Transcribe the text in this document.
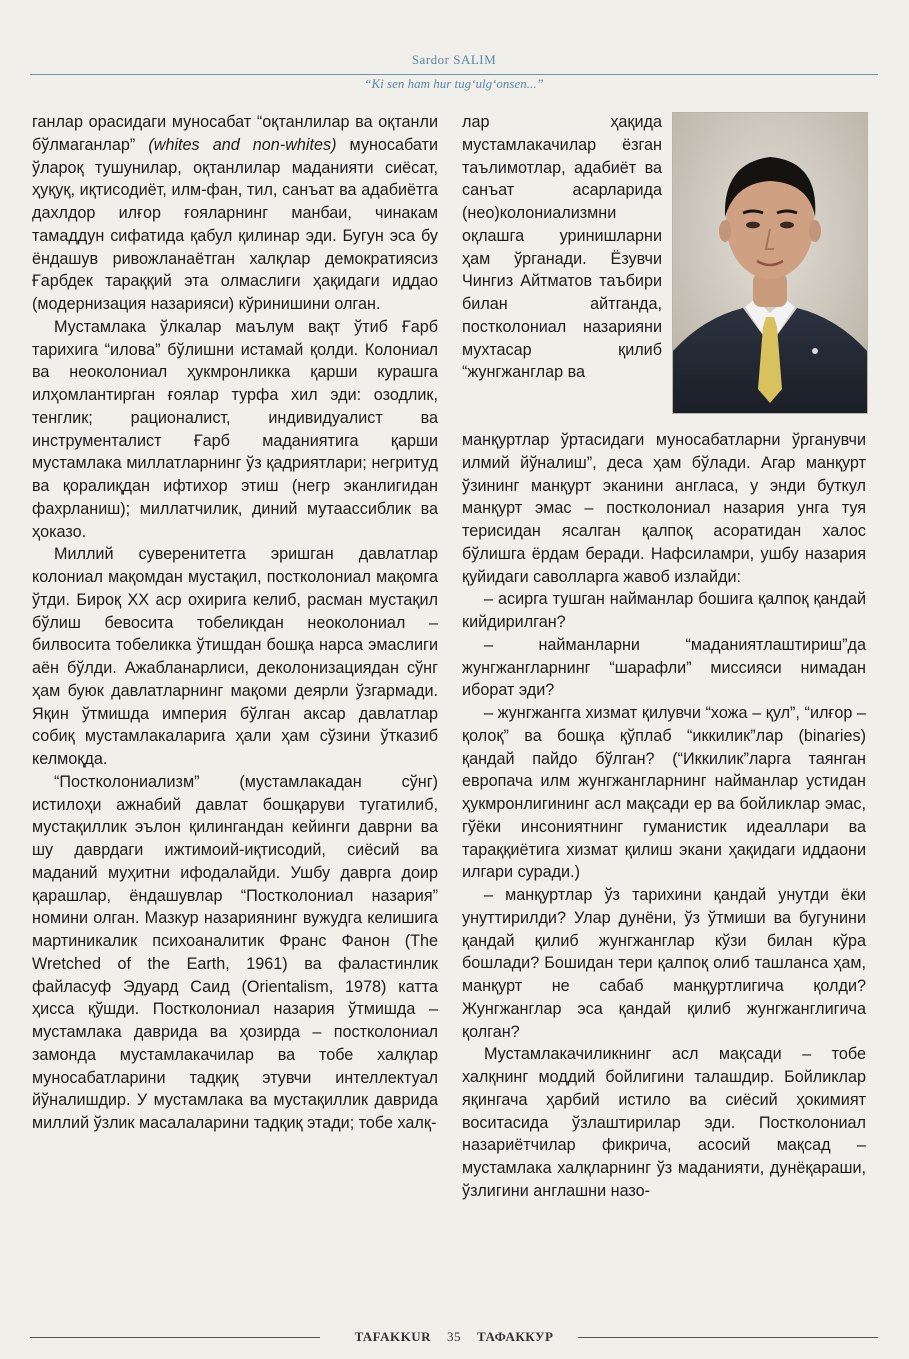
Sardor SALIM
“Ki sen ham hur tug‘ulg‘onsen...”

ганлар орасидаги муносабат “оқтанлилар ва оқтанли бўлмаганлар” (whites and non-whites) муносабати ўлароқ тушунилар, оқтанлилар маданияти сиёсат, ҳуқуқ, иқтисодиёт, илм-фан, тил, санъат ва адабиётга дахлдор илғор ғояларнинг манбаи, чинакам тамаддун сифатида қабул қилинар эди. Бугун эса бу ёндашув ривожланаётган халқлар демократиясиз Ғарбдек тараққий эта олмаслиги ҳақидаги иддао (модернизация назарияси) кўринишини олган.

Мустамлака ўлкалар маълум вақт ўтиб Ғарб тарихига “илова” бўлишни истамай қолди. Колониал ва неоколониал ҳукмронликка қарши курашга илҳомлантирган ғоялар турфа хил эди: озодлик, тенглик; рационалист, индивидуалист ва инструменталист Ғарб маданиятига қарши мустамлака миллатларнинг ўз қадриятлари; негритуд ва қоралиқдан ифтихор этиш (негр эканлигидан фахрланиш); миллатчилик, диний мутаассиблик ва ҳоказо.

Миллий суверенитетга эришган давлатлар колониал мақомдан мустақил, постколониал мақомга ўтди. Бироқ XX аср охирига келиб, расман мустақил бўлиш бевосита тобеликдан неоколониал – билвосита тобеликка ўтишдан бошқа нарса эмаслиги аён бўлди. Ажабланарлиси, деколонизациядан сўнг ҳам буюк давлатларнинг мақоми деярли ўзгармади. Яқин ўтмишда империя бўлган аксар давлатлар собиқ мустамлакаларига ҳали ҳам сўзини ўтказиб келмоқда.

“Постколониализм” (мустамлакадан сўнг) истилоҳи ажнабий давлат бошқаруви тугатилиб, мустақиллик эълон қилингандан кейинги даврни ва шу даврдаги ижтимоий-иқтисодий, сиёсий ва маданий муҳитни ифодалайди. Ушбу даврга доир қарашлар, ёндашувлар “Постколониал назария” номини олган. Мазкур назариянинг вужудга келишига мартиникалик психоаналитик Франс Фанон (The Wretched of the Earth, 1961) ва фаластинлик файласуф Эдуард Саид (Orientalism, 1978) катта ҳисса қўшди. Постколониал назария ўтмишда – мустамлака даврида ва ҳозирда – постколониал замонда мустамлакачилар ва тобе халқлар муносабатларини тадқиқ этувчи интеллектуал йўналишдир. У мустамлака ва мустақиллик даврида миллий ўзлик масалаларини тадқиқ этади; тобе халқ-

лар ҳақида мустамлакачилар ёзган таълимотлар, адабиёт ва санъат асарларида (нео)колониализмни оқлашга уринишларни ҳам ўрганади. Ёзувчи Чингиз Айтматов таъбири билан айтганда, постколониал назарияни мухтасар қилиб “жунгжанглар ва

манқуртлар ўртасидаги муносабатларни ўрганувчи илмий йўналиш”, деса ҳам бўлади. Агар манқурт ўзининг манқурт эканини англаса, у энди буткул манқурт эмас – постколониал назария унга туя терисидан ясалган қалпоқ асоратидан халос бўлишга ёрдам беради. Нафсиламри, ушбу назария қуйидаги саволларга жавоб излайди:

– асирга тушган найманлар бошига қалпоқ қандай кийдирилган?

– найманларни “маданиятлаштириш”да жунгжангларнинг “шарафли” миссияси нимадан иборат эди?

– жунгжангга хизмат қилувчи “хожа – қул”, “илғор – қолоқ” ва бошқа қўплаб “иккилик”лар (binaries) қандай пайдо бўлган? (“Иккилик”ларга таянган европача илм жунгжангларнинг найманлар устидан ҳукмронлигининг асл мақсади ер ва бойликлар эмас, гўёки инсониятнинг гуманистик идеаллари ва тараққиётига хизмат қилиш экани ҳақидаги иддаони илгари суради.)

– манқуртлар ўз тарихини қандай унутди ёки унуттирилди? Улар дунёни, ўз ўтмиши ва бугунини қандай қилиб жунгжанглар кўзи билан кўра бошлади? Бошидан тери қалпоқ олиб ташланса ҳам, манқурт не сабаб манқуртлигича қолди? Жунгжанглар эса қандай қилиб жунгжанглигича қолган?

Мустамлакачиликнинг асл мақсади – тобе халқнинг моддий бойлигини талашдир. Бойликлар яқингача ҳарбий истило ва сиёсий ҳокимият воситасида ўзлаштирилар эди. Постколониал назариётчилар фикрича, асосий мақсад – мустамлака халқларнинг ўз маданияти, дунёқараши, ўзлигини англашни назо-

TAFAKKUR 35 ТАФАККУР
